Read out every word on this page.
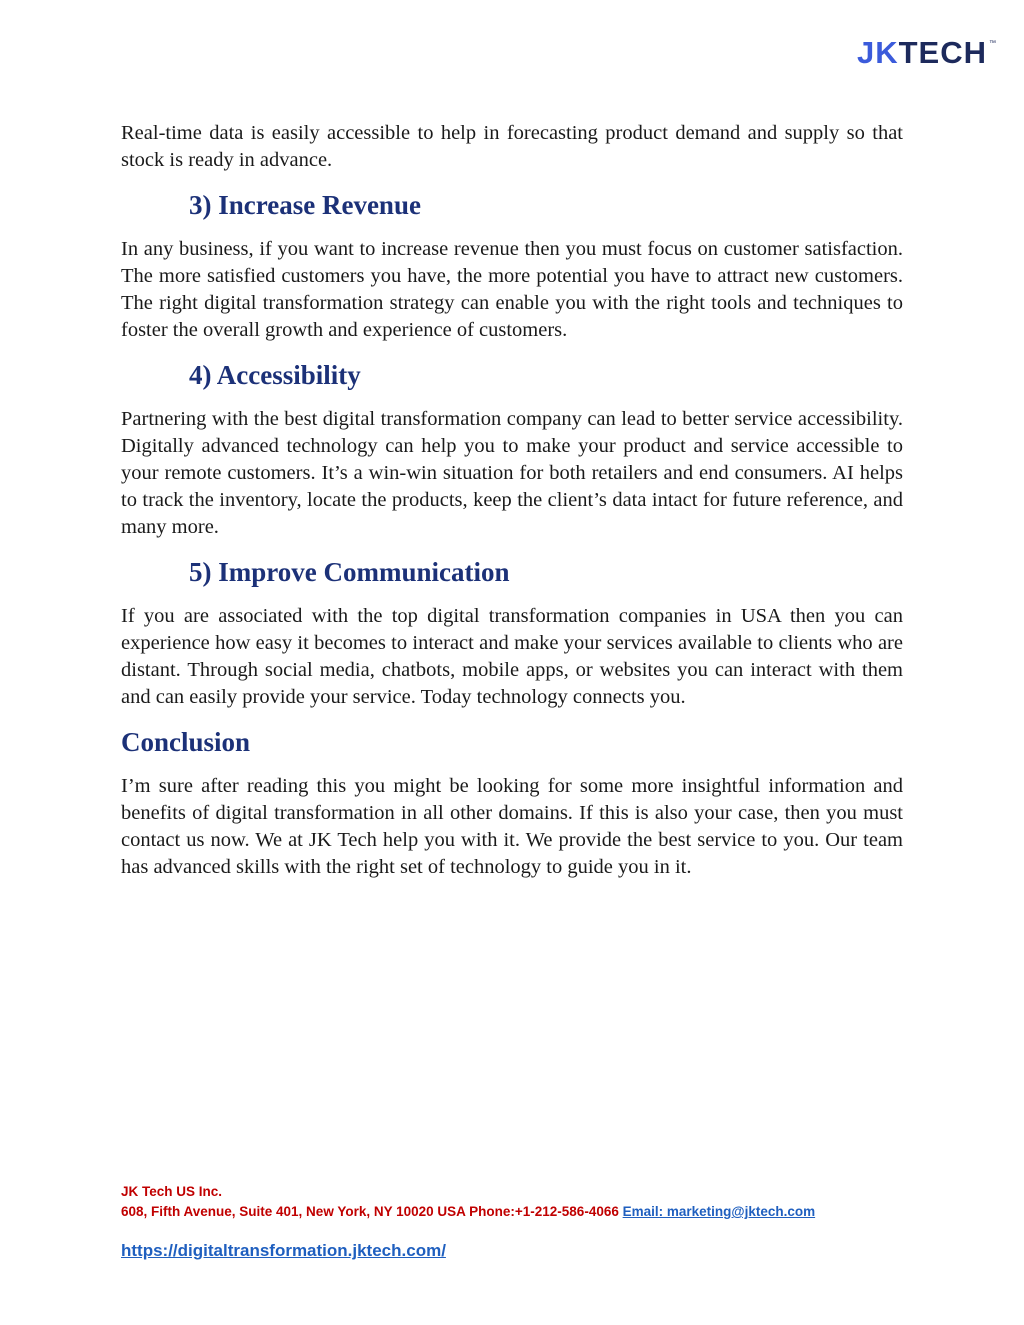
JK TECH ™

Real-time data is easily accessible to help in forecasting product demand and supply so that stock is ready in advance.

3) Increase Revenue

In any business, if you want to increase revenue then you must focus on customer satisfaction. The more satisfied customers you have, the more potential you have to attract new customers. The right digital transformation strategy can enable you with the right tools and techniques to foster the overall growth and experience of customers.

4) Accessibility

Partnering with the best digital transformation company can lead to better service accessibility. Digitally advanced technology can help you to make your product and service accessible to your remote customers. It’s a win-win situation for both retailers and end consumers. AI helps to track the inventory, locate the products, keep the client’s data intact for future reference, and many more.

5) Improve Communication

If you are associated with the top digital transformation companies in USA then you can experience how easy it becomes to interact and make your services available to clients who are distant. Through social media, chatbots, mobile apps, or websites you can interact with them and can easily provide your service. Today technology connects you.

Conclusion

I’m sure after reading this you might be looking for some more insightful information and benefits of digital transformation in all other domains. If this is also your case, then you must contact us now. We at JK Tech help you with it. We provide the best service to you. Our team has advanced skills with the right set of technology to guide you in it.

JK Tech US Inc.
608, Fifth Avenue, Suite 401, New York, NY 10020 USA Phone:+1-212-586-4066 Email: marketing@jktech.com
https://digitaltransformation.jktech.com/
